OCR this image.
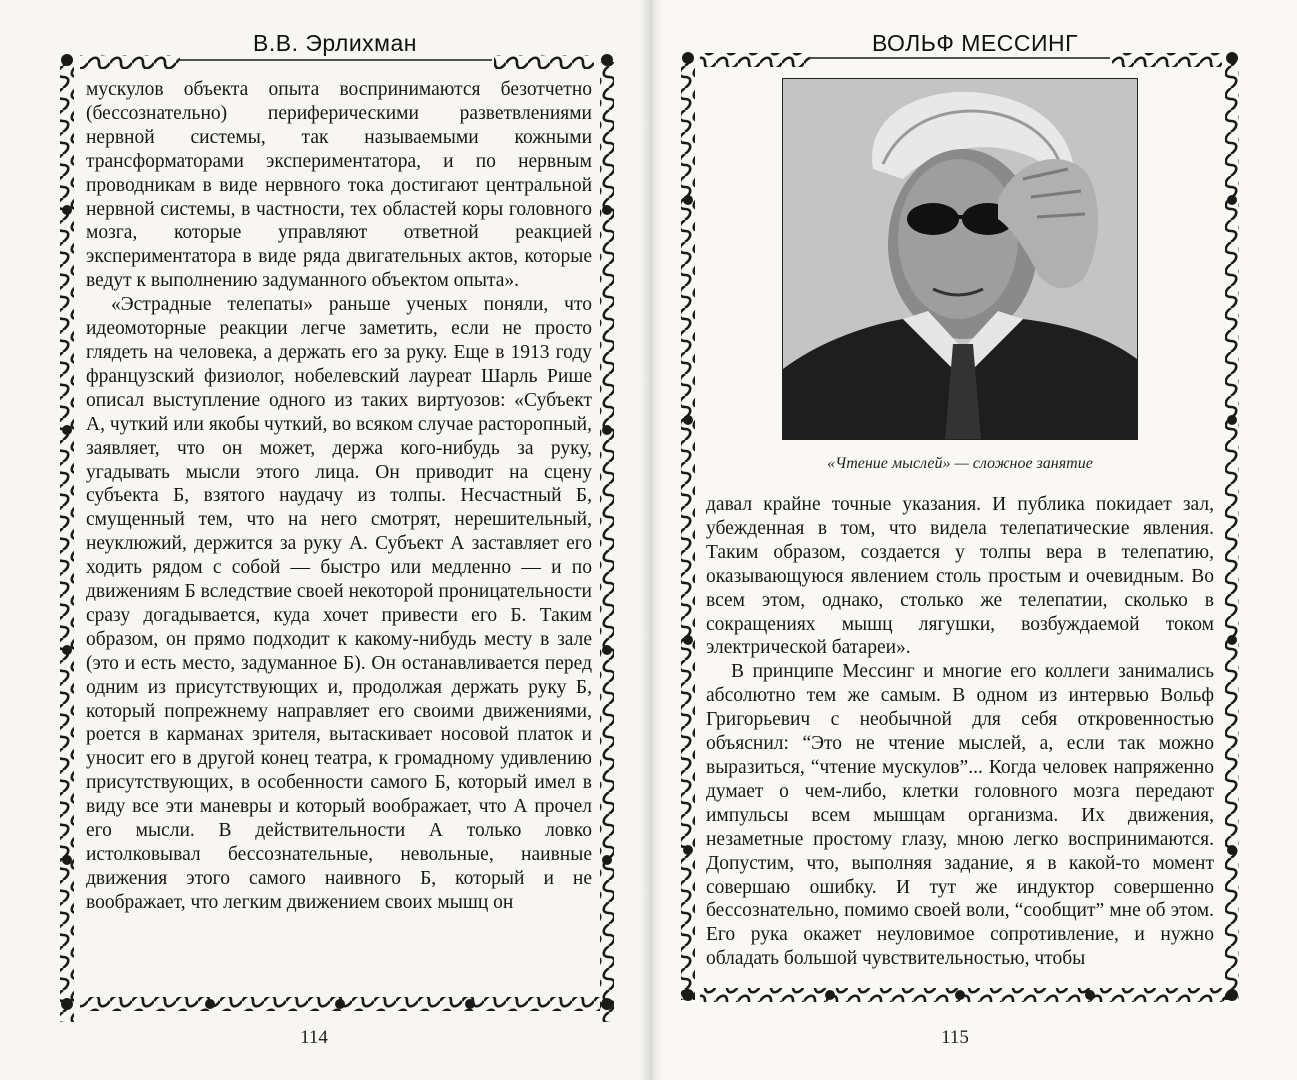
В.В. Эрлихман

мускулов объекта опыта воспринимаются безотчетно (бессознательно) периферическими разветвлениями нервной системы, так называемыми кожными трансформаторами экспериментатора, и по нервным проводникам в виде нервного тока достигают центральной нервной системы, в частности, тех областей коры головного мозга, которые управляют ответной реакцией экспериментатора в виде ряда двигательных актов, которые ведут к выполнению задуманного объектом опыта».

«Эстрадные телепаты» раньше ученых поняли, что идеомоторные реакции легче заметить, если не просто глядеть на человека, а держать его за руку. Еще в 1913 году французский физиолог, нобелевский лауреат Шарль Рише описал выступление одного из таких виртуозов: «Субъект А, чуткий или якобы чуткий, во всяком случае расторопный, заявляет, что он может, держа кого-нибудь за руку, угадывать мысли этого лица. Он приводит на сцену субъекта Б, взятого наудачу из толпы. Несчастный Б, смущенный тем, что на него смотрят, нерешительный, неуклюжий, держится за руку А. Субъект А заставляет его ходить рядом с собой — быстро или медленно — и по движениям Б вследствие своей некоторой проницательности сразу догадывается, куда хочет привести его Б. Таким образом, он прямо подходит к какому-нибудь месту в зале (это и есть место, задуманное Б). Он останавливается перед одним из присутствующих и, продолжая держать руку Б, который попрежнему направляет его своими движениями, роется в карманах зрителя, вытаскивает носовой платок и уносит его в другой конец театра, к громадному удивлению присутствующих, в особенности самого Б, который имел в виду все эти маневры и который воображает, что А прочел его мысли. В действительности А только ловко истолковывал бессознательные, невольные, наивные движения этого самого наивного Б, который и не воображает, что легким движением своих мышц он

114
ВОЛЬФ МЕССИНГ
«Чтение мыслей» — сложное занятие

давал крайне точные указания. И публика покидает зал, убежденная в том, что видела телепатические явления. Таким образом, создается у толпы вера в телепатию, оказывающуюся явлением столь простым и очевидным. Во всем этом, однако, столько же телепатии, сколько в сокращениях мышц лягушки, возбуждаемой током электрической батареи».

В принципе Мессинг и многие его коллеги занимались абсолютно тем же самым. В одном из интервью Вольф Григорьевич с необычной для себя откровенностью объяснил: “Это не чтение мыслей, а, если так можно выразиться, “чтение мускулов”... Когда человек напряженно думает о чем-либо, клетки головного мозга передают импульсы всем мышцам организма. Их движения, незаметные простому глазу, мною легко воспринимаются. Допустим, что, выполняя задание, я в какой-то момент совершаю ошибку. И тут же индуктор совершенно бессознательно, помимо своей воли, “сообщит” мне об этом. Его рука окажет неуловимое сопротивление, и нужно обладать большой чувствительностью, чтобы

115
